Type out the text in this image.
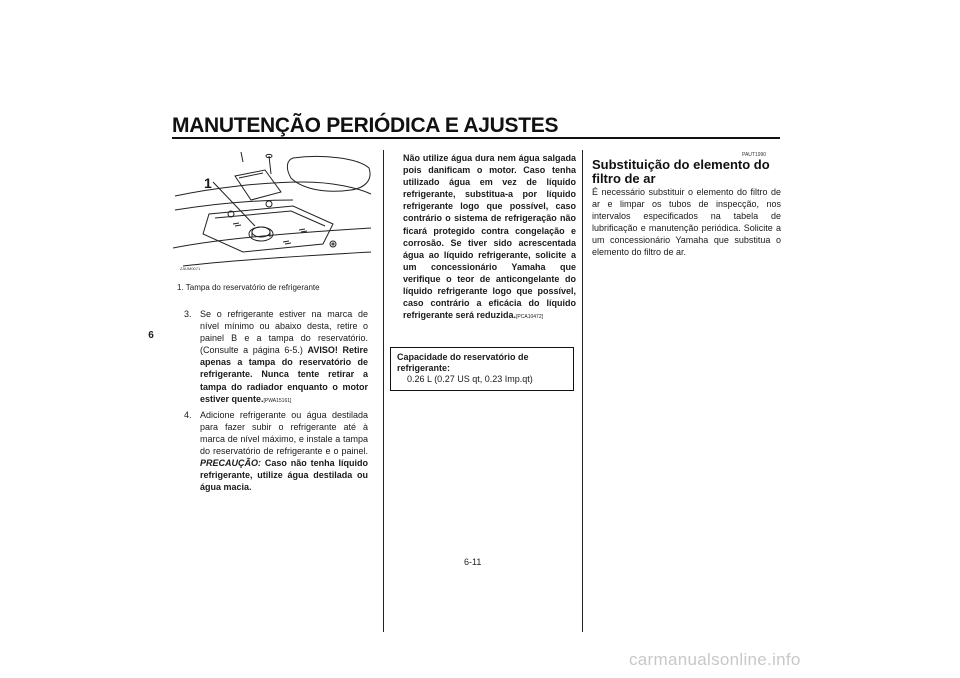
MANUTENÇÃO PERIÓDICA E AJUSTES
6
1
ZAUM0071
1. Tampa do reservatório de refrigerante
3. Se o refrigerante estiver na marca de nível mínimo ou abaixo desta, retire o painel B e a tampa do reservatório. (Consulte a página 6-5.) AVISO! Retire apenas a tampa do reservatório de refrigerante. Nunca tente retirar a tampa do radiador enquanto o motor estiver quente.[PWA15161]
4. Adicione refrigerante ou água destilada para fazer subir o refrigerante até à marca de nível máximo, e instale a tampa do reservatório de refrigerante e o painel. PRECAUÇÃO: Caso não tenha líquido refrigerante, utilize água destilada ou água macia.
Não utilize água dura nem água salgada pois danificam o motor. Caso tenha utilizado água em vez de líquido refrigerante, substitua-a por líquido refrigerante logo que possível, caso contrário o sistema de refrigeração não ficará protegido contra congelação e corrosão. Se tiver sido acrescentada água ao líquido refrigerante, solicite a um concessionário Yamaha que verifique o teor de anticongelante do líquido refrigerante logo que possível, caso contrário a eficácia do líquido refrigerante será reduzida.[PCA10472]
Capacidade do reservatório de refrigerante:
0.26 L (0.27 US qt, 0.23 Imp.qt)
PAUT1990
Substituição do elemento do filtro de ar
É necessário substituir o elemento do filtro de ar e limpar os tubos de inspecção, nos intervalos especificados na tabela de lubrificação e manutenção periódica. Solicite a um concessionário Yamaha que substitua o elemento do filtro de ar.
6-11
carmanualsonline.info
